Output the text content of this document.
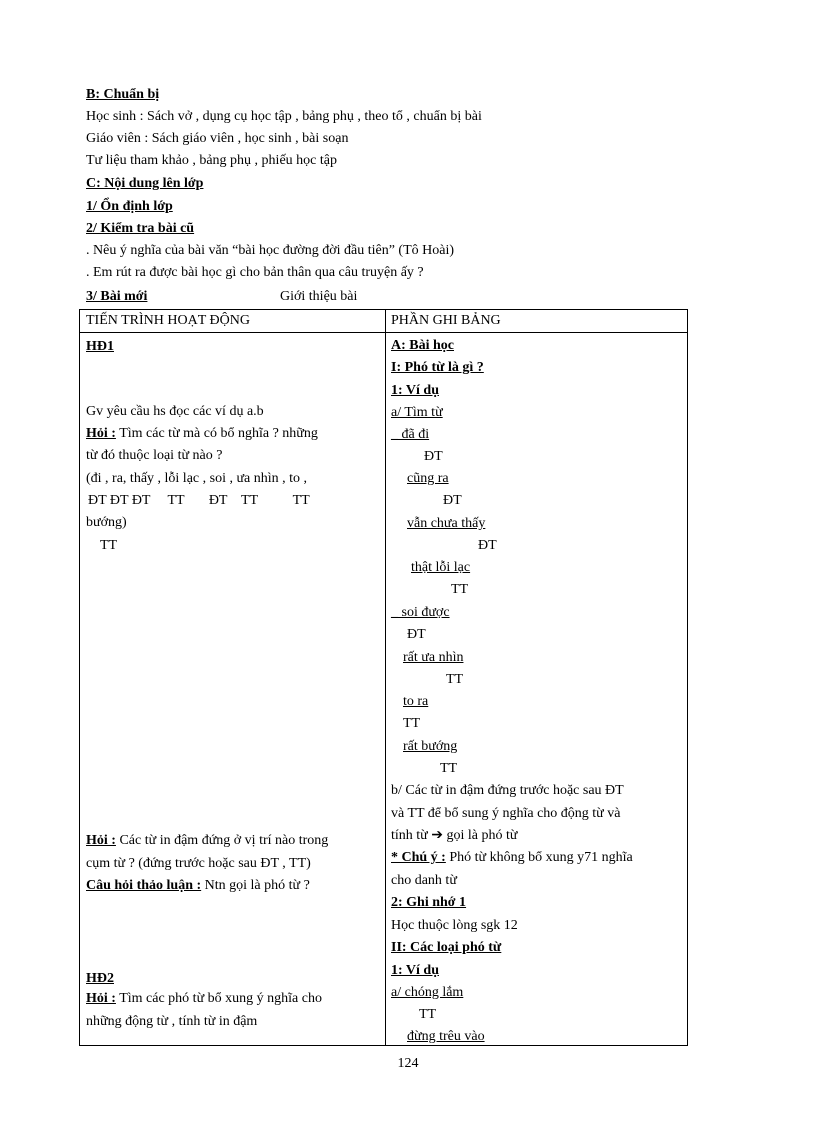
B: Chuẩn bị
Học sinh : Sách vở , dụng cụ học tập , bảng phụ , theo tổ , chuẩn bị bài
Giáo viên : Sách giáo viên , học sinh , bài soạn
Tư liệu tham khảo , bảng phụ , phiếu học tập
C: Nội dung lên lớp
1/ Ổn định lớp
2/ Kiểm tra bài cũ
. Nêu ý nghĩa của bài văn “bài học đường đời đầu tiên” (Tô Hoài)
. Em rút ra được bài học gì cho bản thân qua câu truyện ấy ?
3/ Bài mới	Giới thiệu bài
TIẾN TRÌNH HOẠT ĐỘNG	PHẦN GHI BẢNG
HĐ1
Gv yêu cầu hs đọc các ví dụ a.b
Hỏi : Tìm các từ mà có bổ nghĩa ? những
từ đó thuộc loại từ nào ?
(đi , ra, thấy , lỗi lạc , soi , ưa nhìn , to ,
ĐT ĐT ĐT     TT       ĐT    TT          TT
bướng)
TT
Hỏi : Các từ in đậm đứng ở vị trí nào trong
cụm từ ? (đứng trước hoặc sau ĐT , TT)
Câu hỏi thảo luận : Ntn gọi là phó từ ?
HĐ2
Hỏi : Tìm các phó từ bổ xung ý nghĩa cho
những động từ , tính từ in đậm
A: Bài học
I: Phó từ là gì ?
1: Ví dụ
a/ Tìm từ
_ đã đi
ĐT
cũng ra
ĐT
vẫn chưa thấy
ĐT
thật lỗi lạc
TT
_ soi được
ĐT
rất ưa nhìn
TT
to ra
TT
rất bướng
TT
b/ Các từ in đậm đứng trước hoặc sau ĐT
và TT để bổ sung ý nghĩa cho động từ và
tính từ ➔ gọi là phó từ
* Chú ý : Phó từ không bổ xung y71 nghĩa
cho danh từ
2: Ghi nhớ 1
Học thuộc lòng sgk 12
II: Các loại phó từ
1: Ví dụ
a/ chóng lắm
TT
đừng trêu vào
124
